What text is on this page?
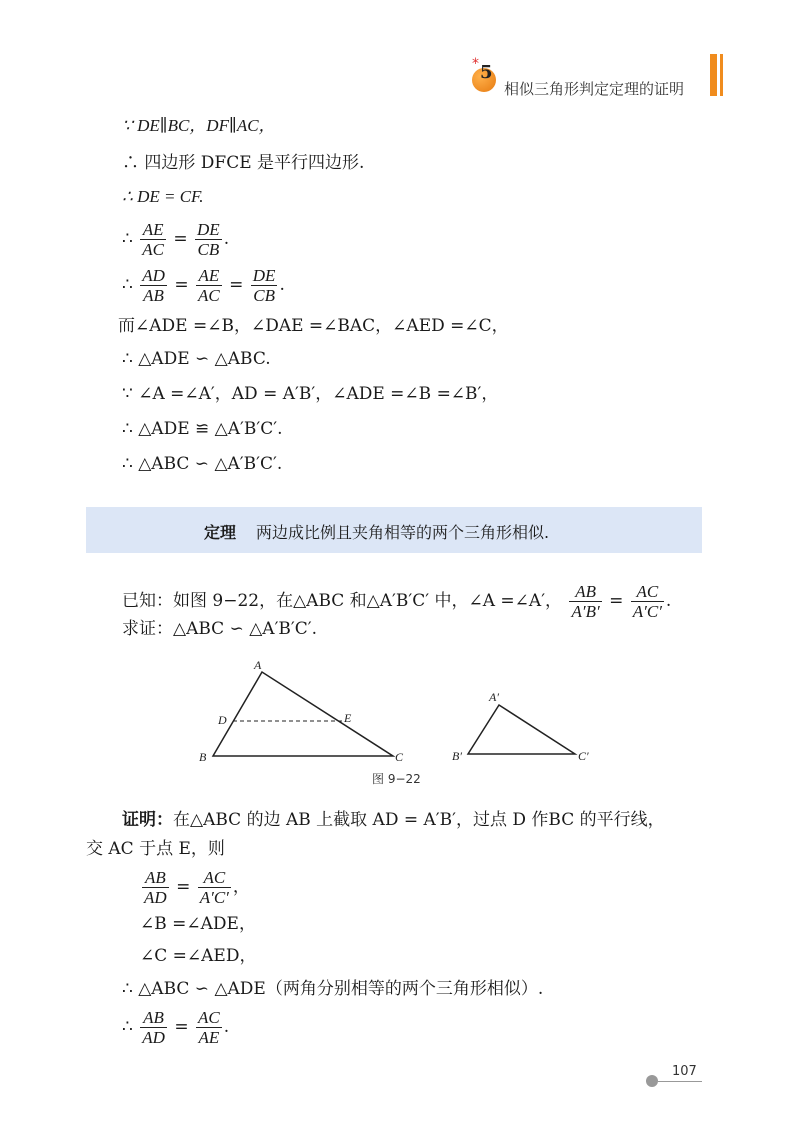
* 5
相似三角形判定定理的证明
∵ DE∥BC，DF∥AC，
∴ 四边形 DFCE 是平行四边形.
∴ DE = CF.
∴ $\frac{AE}{AC} = \frac{DE}{CB}$ .
∴ $\frac{AD}{AB} = \frac{AE}{AC} = \frac{DE}{CB}$ .
而∠ADE =∠B，∠DAE =∠BAC，∠AED =∠C，
∴ △ADE ∽ △ABC.
∵ ∠A =∠A′，AD = A′B′，∠ADE =∠B =∠B′，
∴ △ADE ≌ △A′B′C′.
∴ △ABC ∽ △A′B′C′.
定理 两边成比例且夹角相等的两个三角形相似.
已知：如图 9−22，在△ABC 和△A′B′C′ 中，∠A =∠A′， $\frac{AB}{A'B'} = \frac{AC}{A'C'}$ .
求证：△ABC ∽ △A′B′C′.
A
B	C
D	E
A′
B′	C′
图 9−22
证明：在△ABC 的边 AB 上截取 AD = A′B′，过点 D 作BC 的平行线，
交 AC 于点 E，则
$\frac{AB}{AD} = \frac{AC}{A'C'}$ ，
∠B =∠ADE，
∠C =∠AED，
∴ △ABC ∽ △ADE（两角分别相等的两个三角形相似）.
∴ $\frac{AB}{AD} = \frac{AC}{AE}$ .
107
